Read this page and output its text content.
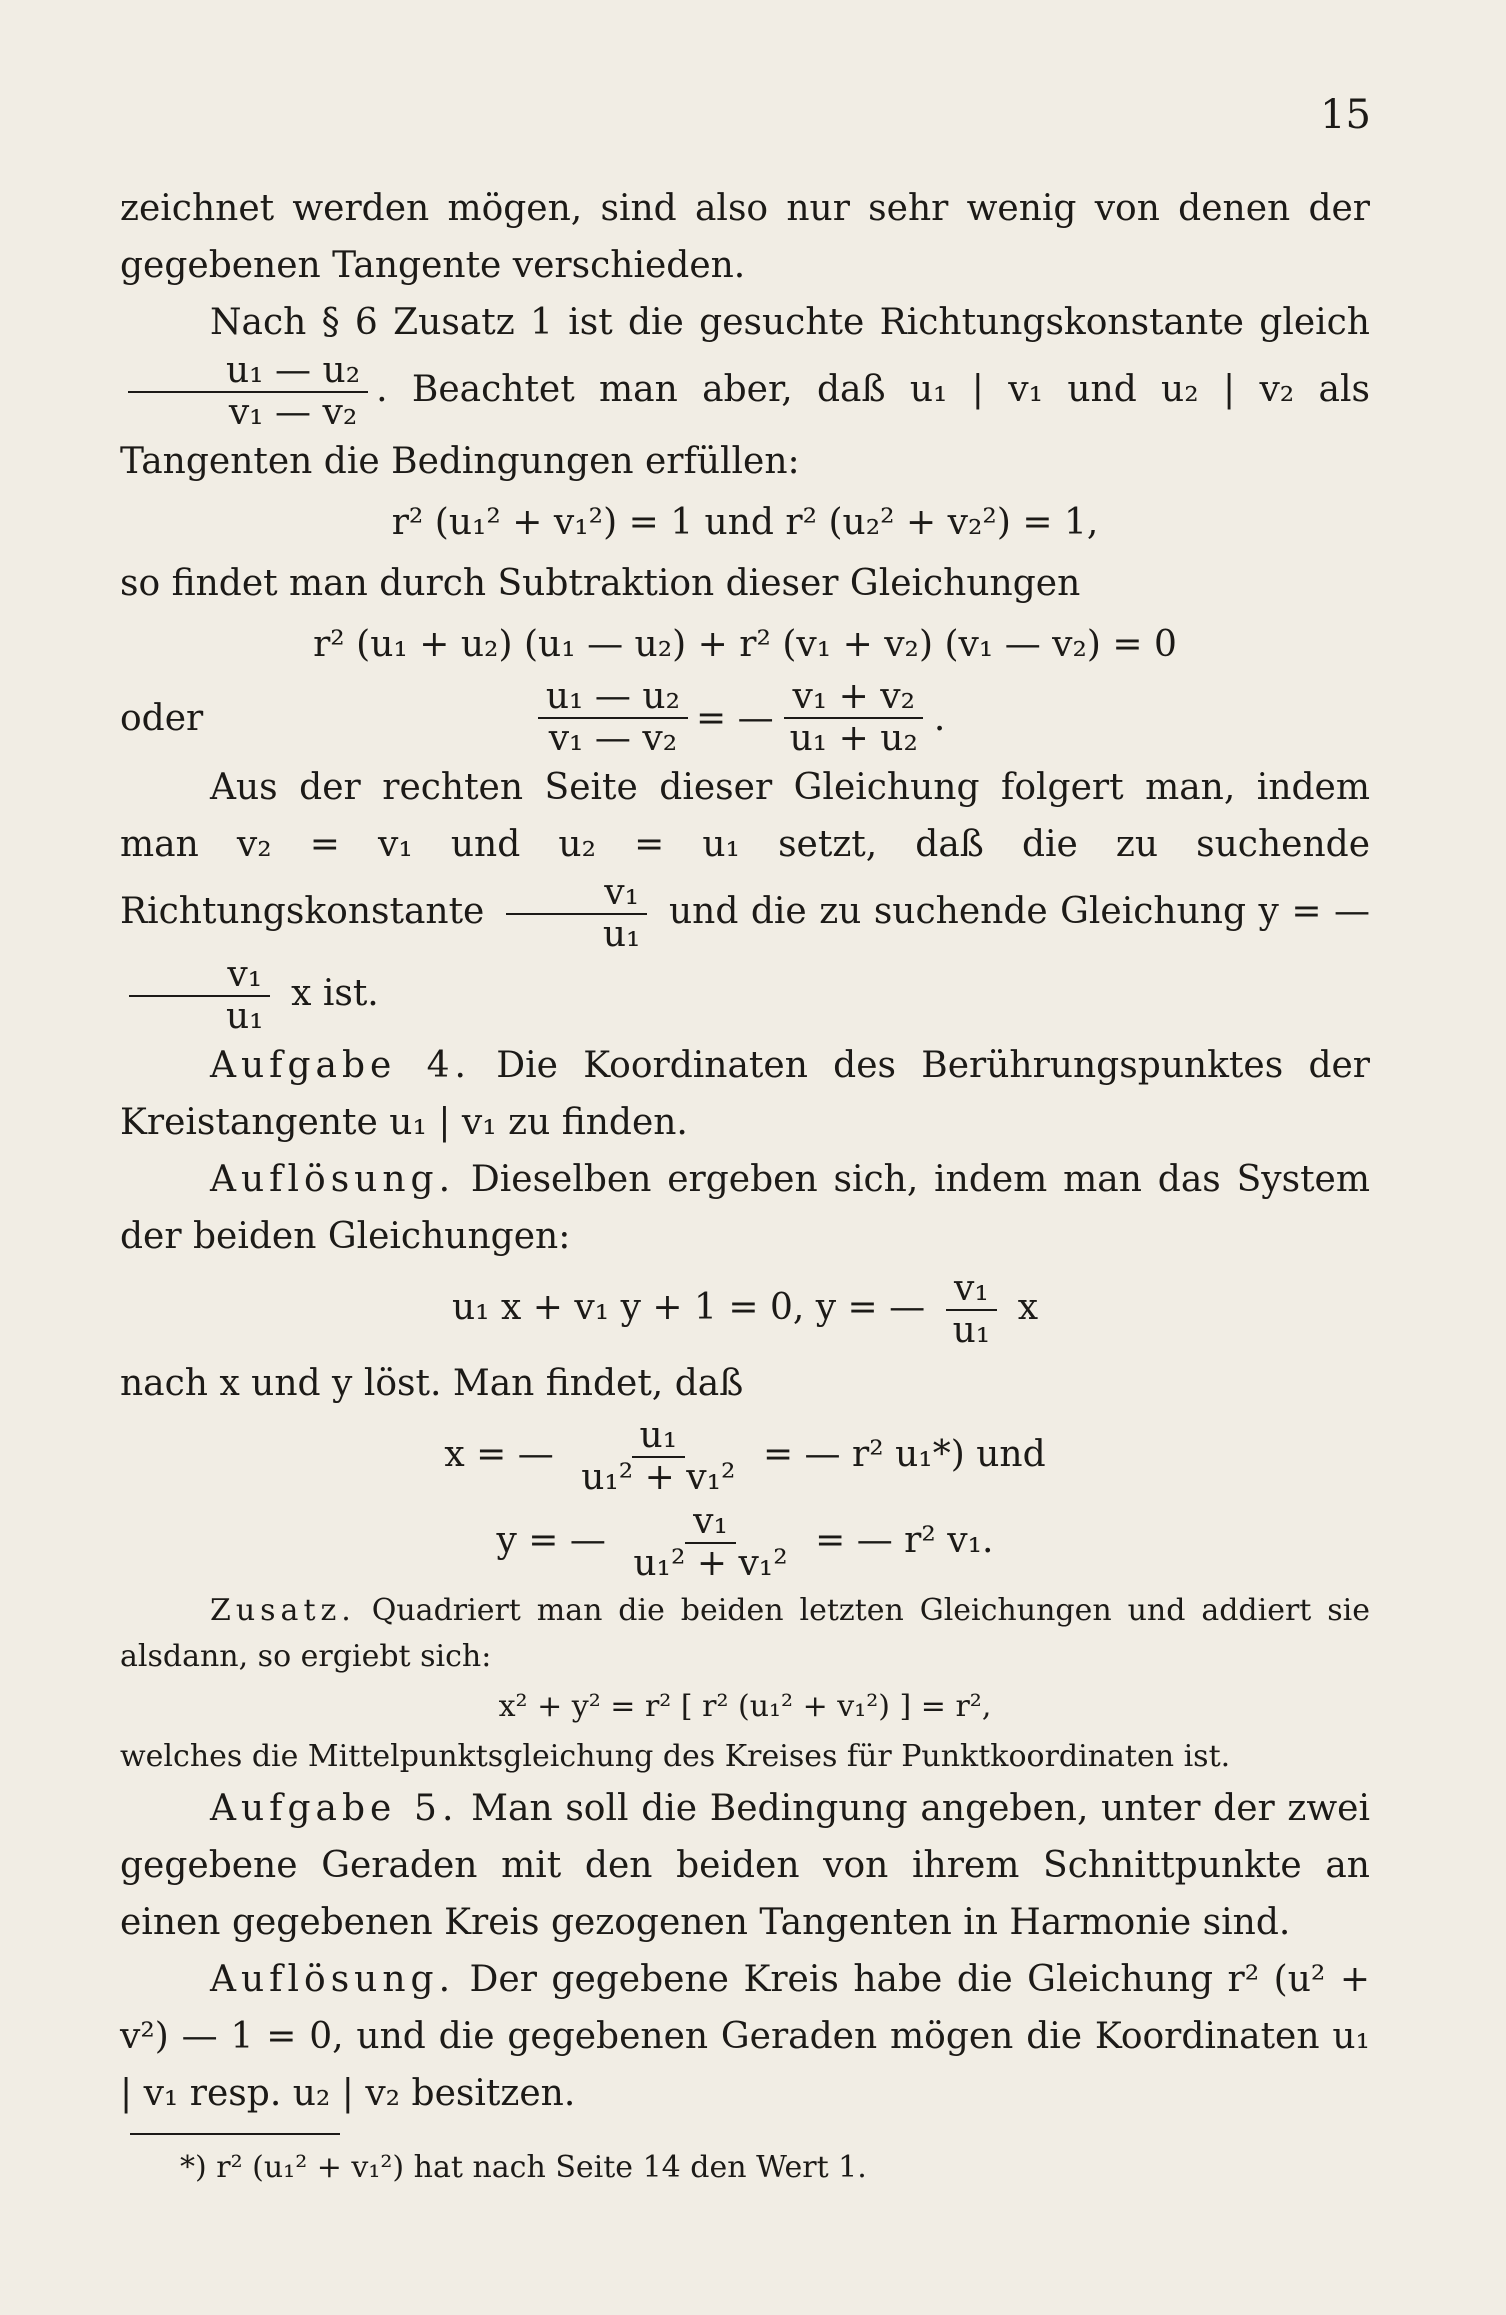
15

zeichnet werden mögen, sind also nur sehr wenig von denen der gegebenen Tangente verschieden.

Nach § 6 Zusatz 1 ist die gesuchte Richtungskonstante gleich
$\frac{\text{u₁ — u₂}}{\text{v₁ — v₂}}$ . Beachtet man aber, daß u₁ | v₁ und u₂ | v₂ als Tangenten die Bedingungen erfüllen:

r² (u₁² + v₁²) = 1 und r² (u₂² + v₂²) = 1,

so findet man durch Subtraktion dieser Gleichungen

r² (u₁ + u₂) (u₁ — u₂) + r² (v₁ + v₂) (v₁ — v₂) = 0
oder	$\frac{\text{u₁ — u₂}}{\text{v₁ — v₂}}$ = — $\frac{\text{v₁ + v₂}}{\text{u₁ + u₂}}$ .

Aus der rechten Seite dieser Gleichung folgert man, indem man v₂ = v₁ und u₂ = u₁ setzt, daß die zu suchende Richtungskonstante $\frac{\text{v₁}}{\text{u₁}}$ und die zu suchende Gleichung y = —
$\frac{\text{v₁}}{\text{u₁}}$ x ist.

Aufgabe 4. Die Koordinaten des Berührungspunktes der Kreistangente u₁ | v₁ zu finden.

Auflösung. Dieselben ergeben sich, indem man das System der beiden Gleichungen:

u₁ x + v₁ y + 1 = 0, y = — $\frac{\text{v₁}}{\text{u₁}}$ x

nach x und y löst. Man findet, daß

x = — $\frac{\text{u₁}}{\text{u₁² + v₁²}}$ = — r² u₁*) und
y = — $\frac{\text{v₁}}{\text{u₁² + v₁²}}$ = — r² v₁.

Zusatz. Quadriert man die beiden letzten Gleichungen und addiert sie alsdann, so ergiebt sich:

x² + y² = r² [ r² (u₁² + v₁²) ] = r²,

welches die Mittelpunktsgleichung des Kreises für Punktkoordinaten ist.

Aufgabe 5. Man soll die Bedingung angeben, unter der zwei gegebene Geraden mit den beiden von ihrem Schnittpunkte an einen gegebenen Kreis gezogenen Tangenten in Harmonie sind.

Auflösung. Der gegebene Kreis habe die Gleichung r² (u² + v²) — 1 = 0, und die gegebenen Geraden mögen die Koordinaten u₁ | v₁ resp. u₂ | v₂ besitzen.

*) r² (u₁² + v₁²) hat nach Seite 14 den Wert 1.
